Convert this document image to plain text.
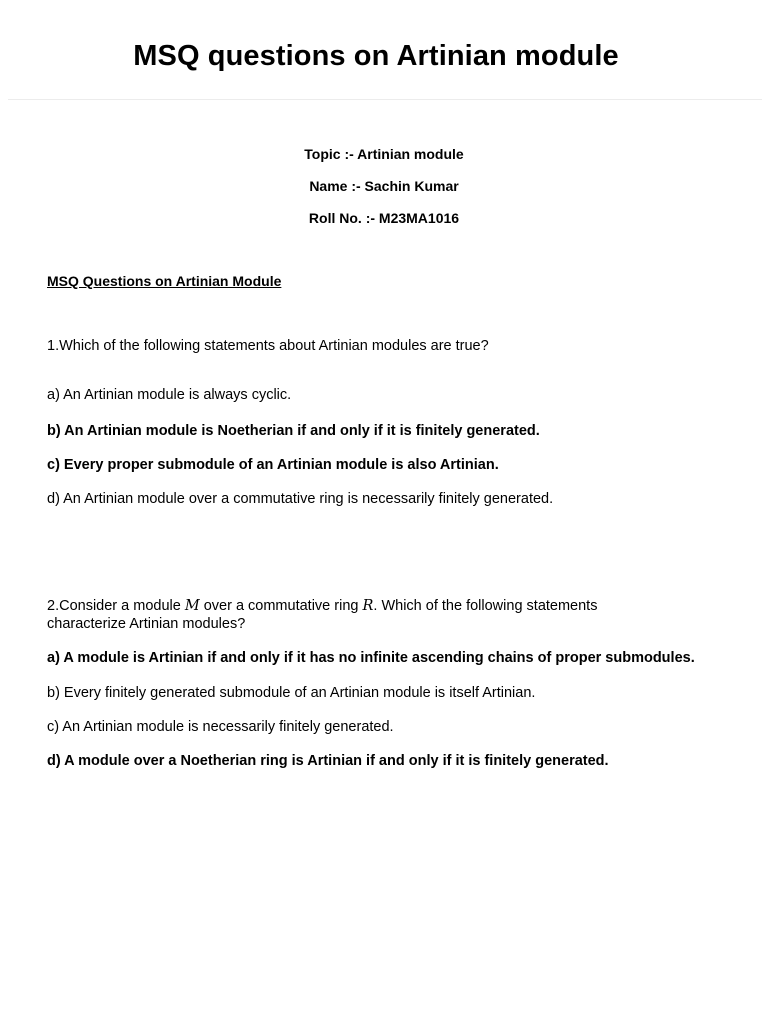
MSQ questions on Artinian module
Topic :- Artinian module
Name :- Sachin Kumar
Roll No. :- M23MA1016
MSQ Questions on Artinian Module
1.Which of the following statements about Artinian modules are true?
a) An Artinian module is always cyclic.
b) An Artinian module is Noetherian if and only if it is finitely generated.
c) Every proper submodule of an Artinian module is also Artinian.
d) An Artinian module over a commutative ring is necessarily finitely generated.
2.Consider a module M over a commutative ring R. Which of the following statements
characterize Artinian modules?
a) A module is Artinian if and only if it has no infinite ascending chains of proper submodules.
b) Every finitely generated submodule of an Artinian module is itself Artinian.
c) An Artinian module is necessarily finitely generated.
d) A module over a Noetherian ring is Artinian if and only if it is finitely generated.
